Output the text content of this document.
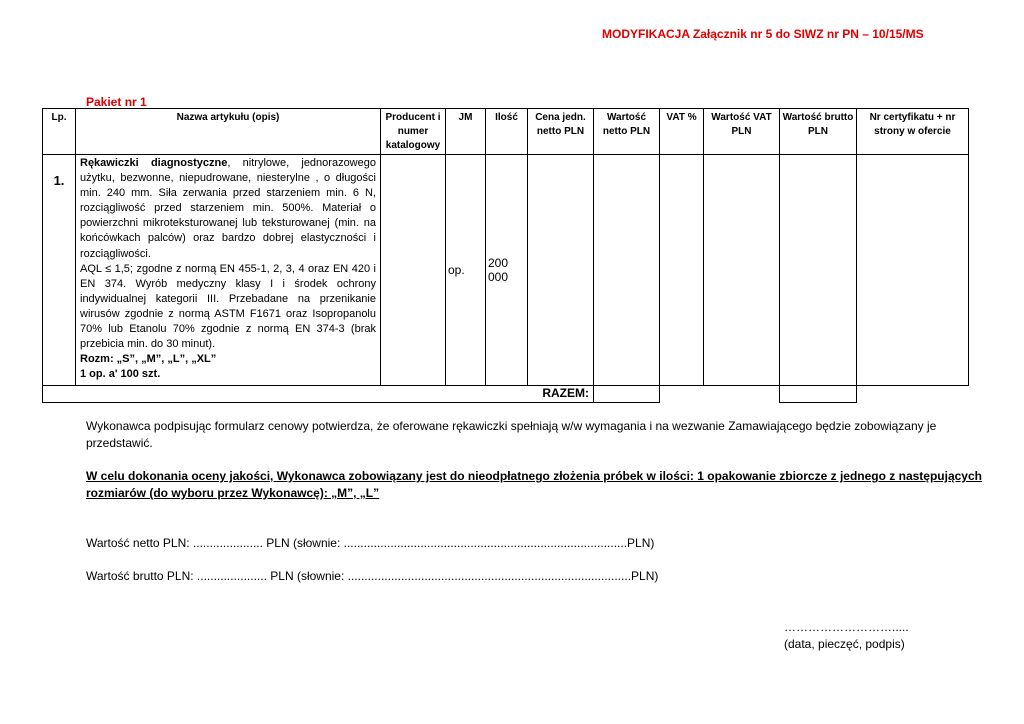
MODYFIKACJA Załącznik nr 5 do SIWZ nr PN – 10/15/MS
Pakiet nr 1
Lp.	Nazwa artykułu (opis)	Producent i numer katalogowy	JM	Ilość	Cena jedn. netto PLN	Wartość netto PLN	VAT %	Wartość VAT PLN	Wartość brutto PLN	Nr certyfikatu + nr strony w ofercie
1.	Rękawiczki diagnostyczne, nitrylowe, jednorazowego użytku, bezwonne, niepudrowane, niesterylne , o długości min. 240 mm. Siła zerwania przed starzeniem min. 6 N, rozciągliwość przed starzeniem min. 500%. Materiał o powierzchni mikroteksturowanej lub teksturowanej (min. na końcówkach palców) oraz bardzo dobrej elastyczności i rozciągliwości.
AQL ≤ 1,5; zgodne z normą EN 455-1, 2, 3, 4 oraz EN 420 i EN 374. Wyrób medyczny klasy I i środek ochrony indywidualnej kategorii III. Przebadane na przenikanie wirusów zgodnie z normą ASTM F1671 oraz Isopropanolu 70% lub Etanolu 70% zgodnie z normą EN 374-3 (brak przebicia min. do 30 minut).
Rozm: „S”, „M”, „L”, „XL”
1 op. a' 100 szt.		op.	200 000						
RAZEM:										
Wykonawca podpisując formularz cenowy potwierdza, że oferowane rękawiczki spełniają w/w wymagania i na wezwanie Zamawiającego będzie zobowiązany je przedstawić.
W celu dokonania oceny jakości, Wykonawca zobowiązany jest do nieodpłatnego złożenia próbek w ilości: 1 opakowanie zbiorcze z jednego z następujących rozmiarów (do wyboru przez Wykonawcę): „M”, „L”
Wartość netto PLN: ..................... PLN (słownie: .....................................................................................PLN)
Wartość brutto PLN: ..................... PLN (słownie: .....................................................................................PLN)
……………………….....
(data, pieczęć, podpis)
